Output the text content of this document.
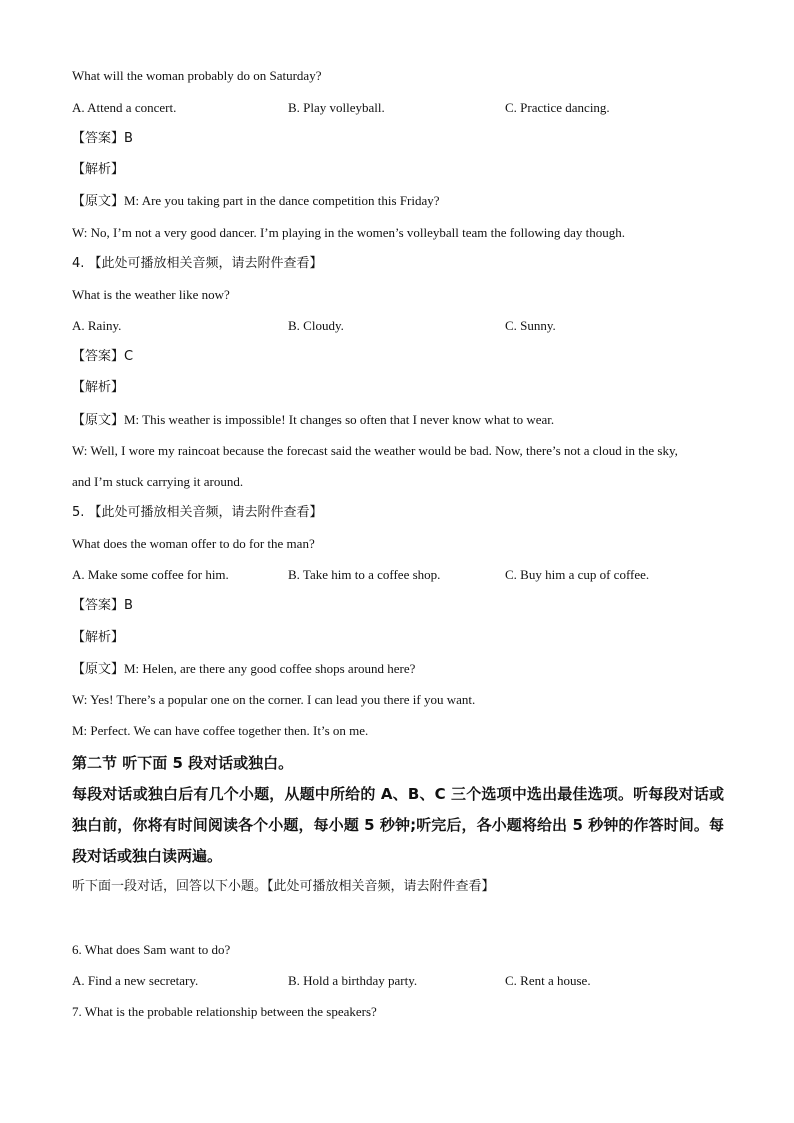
What will the woman probably do on Saturday?
A. Attend a concert.	B. Play volleyball.	C. Practice dancing.
【答案】B
【解析】
【原文】M: Are you taking part in the dance competition this Friday?
W: No, I’m not a very good dancer. I’m playing in the women’s volleyball team the following day though.
4. 【此处可播放相关音频，请去附件查看】
What is the weather like now?
A. Rainy.	B. Cloudy.	C. Sunny.
【答案】C
【解析】
【原文】M: This weather is impossible! It changes so often that I never know what to wear.
W: Well, I wore my raincoat because the forecast said the weather would be bad. Now, there’s not a cloud in the sky,
and I’m stuck carrying it around.
5. 【此处可播放相关音频，请去附件查看】
What does the woman offer to do for the man?
A. Make some coffee for him.	B. Take him to a coffee shop.	C. Buy him a cup of coffee.
【答案】B
【解析】
【原文】M: Helen, are there any good coffee shops around here?
W: Yes! There’s a popular one on the corner. I can lead you there if you want.
M: Perfect. We can have coffee together then. It’s on me.
第二节 听下面 5 段对话或独白。
每段对话或独白后有几个小题，从题中所给的 A、B、C 三个选项中选出最佳选项。听每段对话或独白前，你将有时间阅读各个小题，每小题 5 秒钟;听完后，各小题将给出 5 秒钟的作答时间。每段对话或独白读两遍。
听下面一段对话，回答以下小题。【此处可播放相关音频，请去附件查看】
6. What does Sam want to do?
A. Find a new secretary.	B. Hold a birthday party.	C. Rent a house.
7. What is the probable relationship between the speakers?
